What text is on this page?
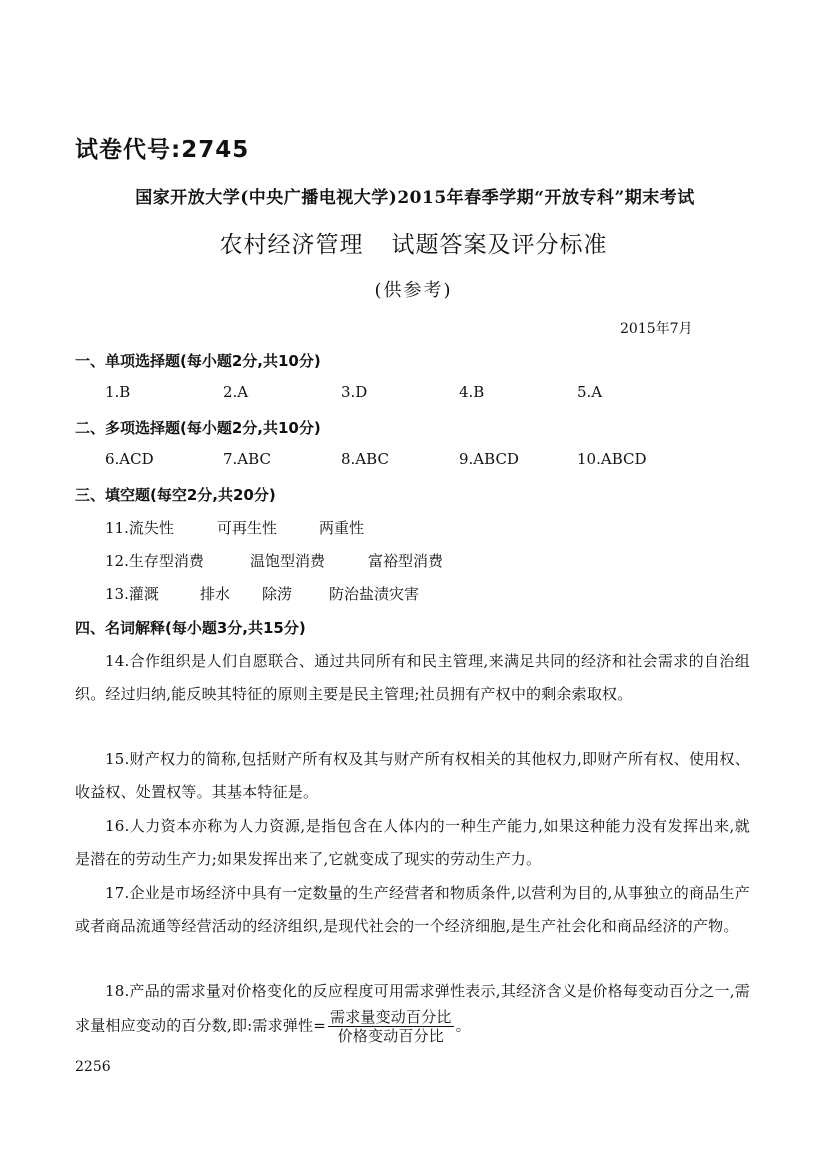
试卷代号:2745
国家开放大学(中央广播电视大学)2015年春季学期“开放专科”期末考试
农村经济管理 试题答案及评分标准
(供参考)
2015年7月
一、单项选择题(每小题2分,共10分)
1.B	2.A	3.D	4.B	5.A
二、多项选择题(每小题2分,共10分)
6.ACD	7.ABC	8.ABC	9.ABCD	10.ABCD
三、填空题(每空2分,共20分)
11.流失性	可再生性	两重性
12.生存型消费	温饱型消费	富裕型消费
13.灌溉	排水 除涝 防治盐渍灾害
四、名词解释(每小题3分,共15分)
14.合作组织是人们自愿联合、通过共同所有和民主管理,来满足共同的经济和社会需求的自治组织。经过归纳,能反映其特征的原则主要是民主管理;社员拥有产权中的剩余索取权。
15.财产权力的简称,包括财产所有权及其与财产所有权相关的其他权力,即财产所有权、使用权、收益权、处置权等。其基本特征是。
16.人力资本亦称为人力资源,是指包含在人体内的一种生产能力,如果这种能力没有发挥出来,就是潜在的劳动生产力;如果发挥出来了,它就变成了现实的劳动生产力。
17.企业是市场经济中具有一定数量的生产经营者和物质条件,以营利为目的,从事独立的商品生产或者商品流通等经营活动的经济组织,是现代社会的一个经济细胞,是生产社会化和商品经济的产物。
18.产品的需求量对价格变化的反应程度可用需求弹性表示,其经济含义是价格每变动百分之一,需求量相应变动的百分数,即:需求弹性= $\frac{\text{需求量变动百分比}}{\text{价格变动百分比}}$ 。
2256
